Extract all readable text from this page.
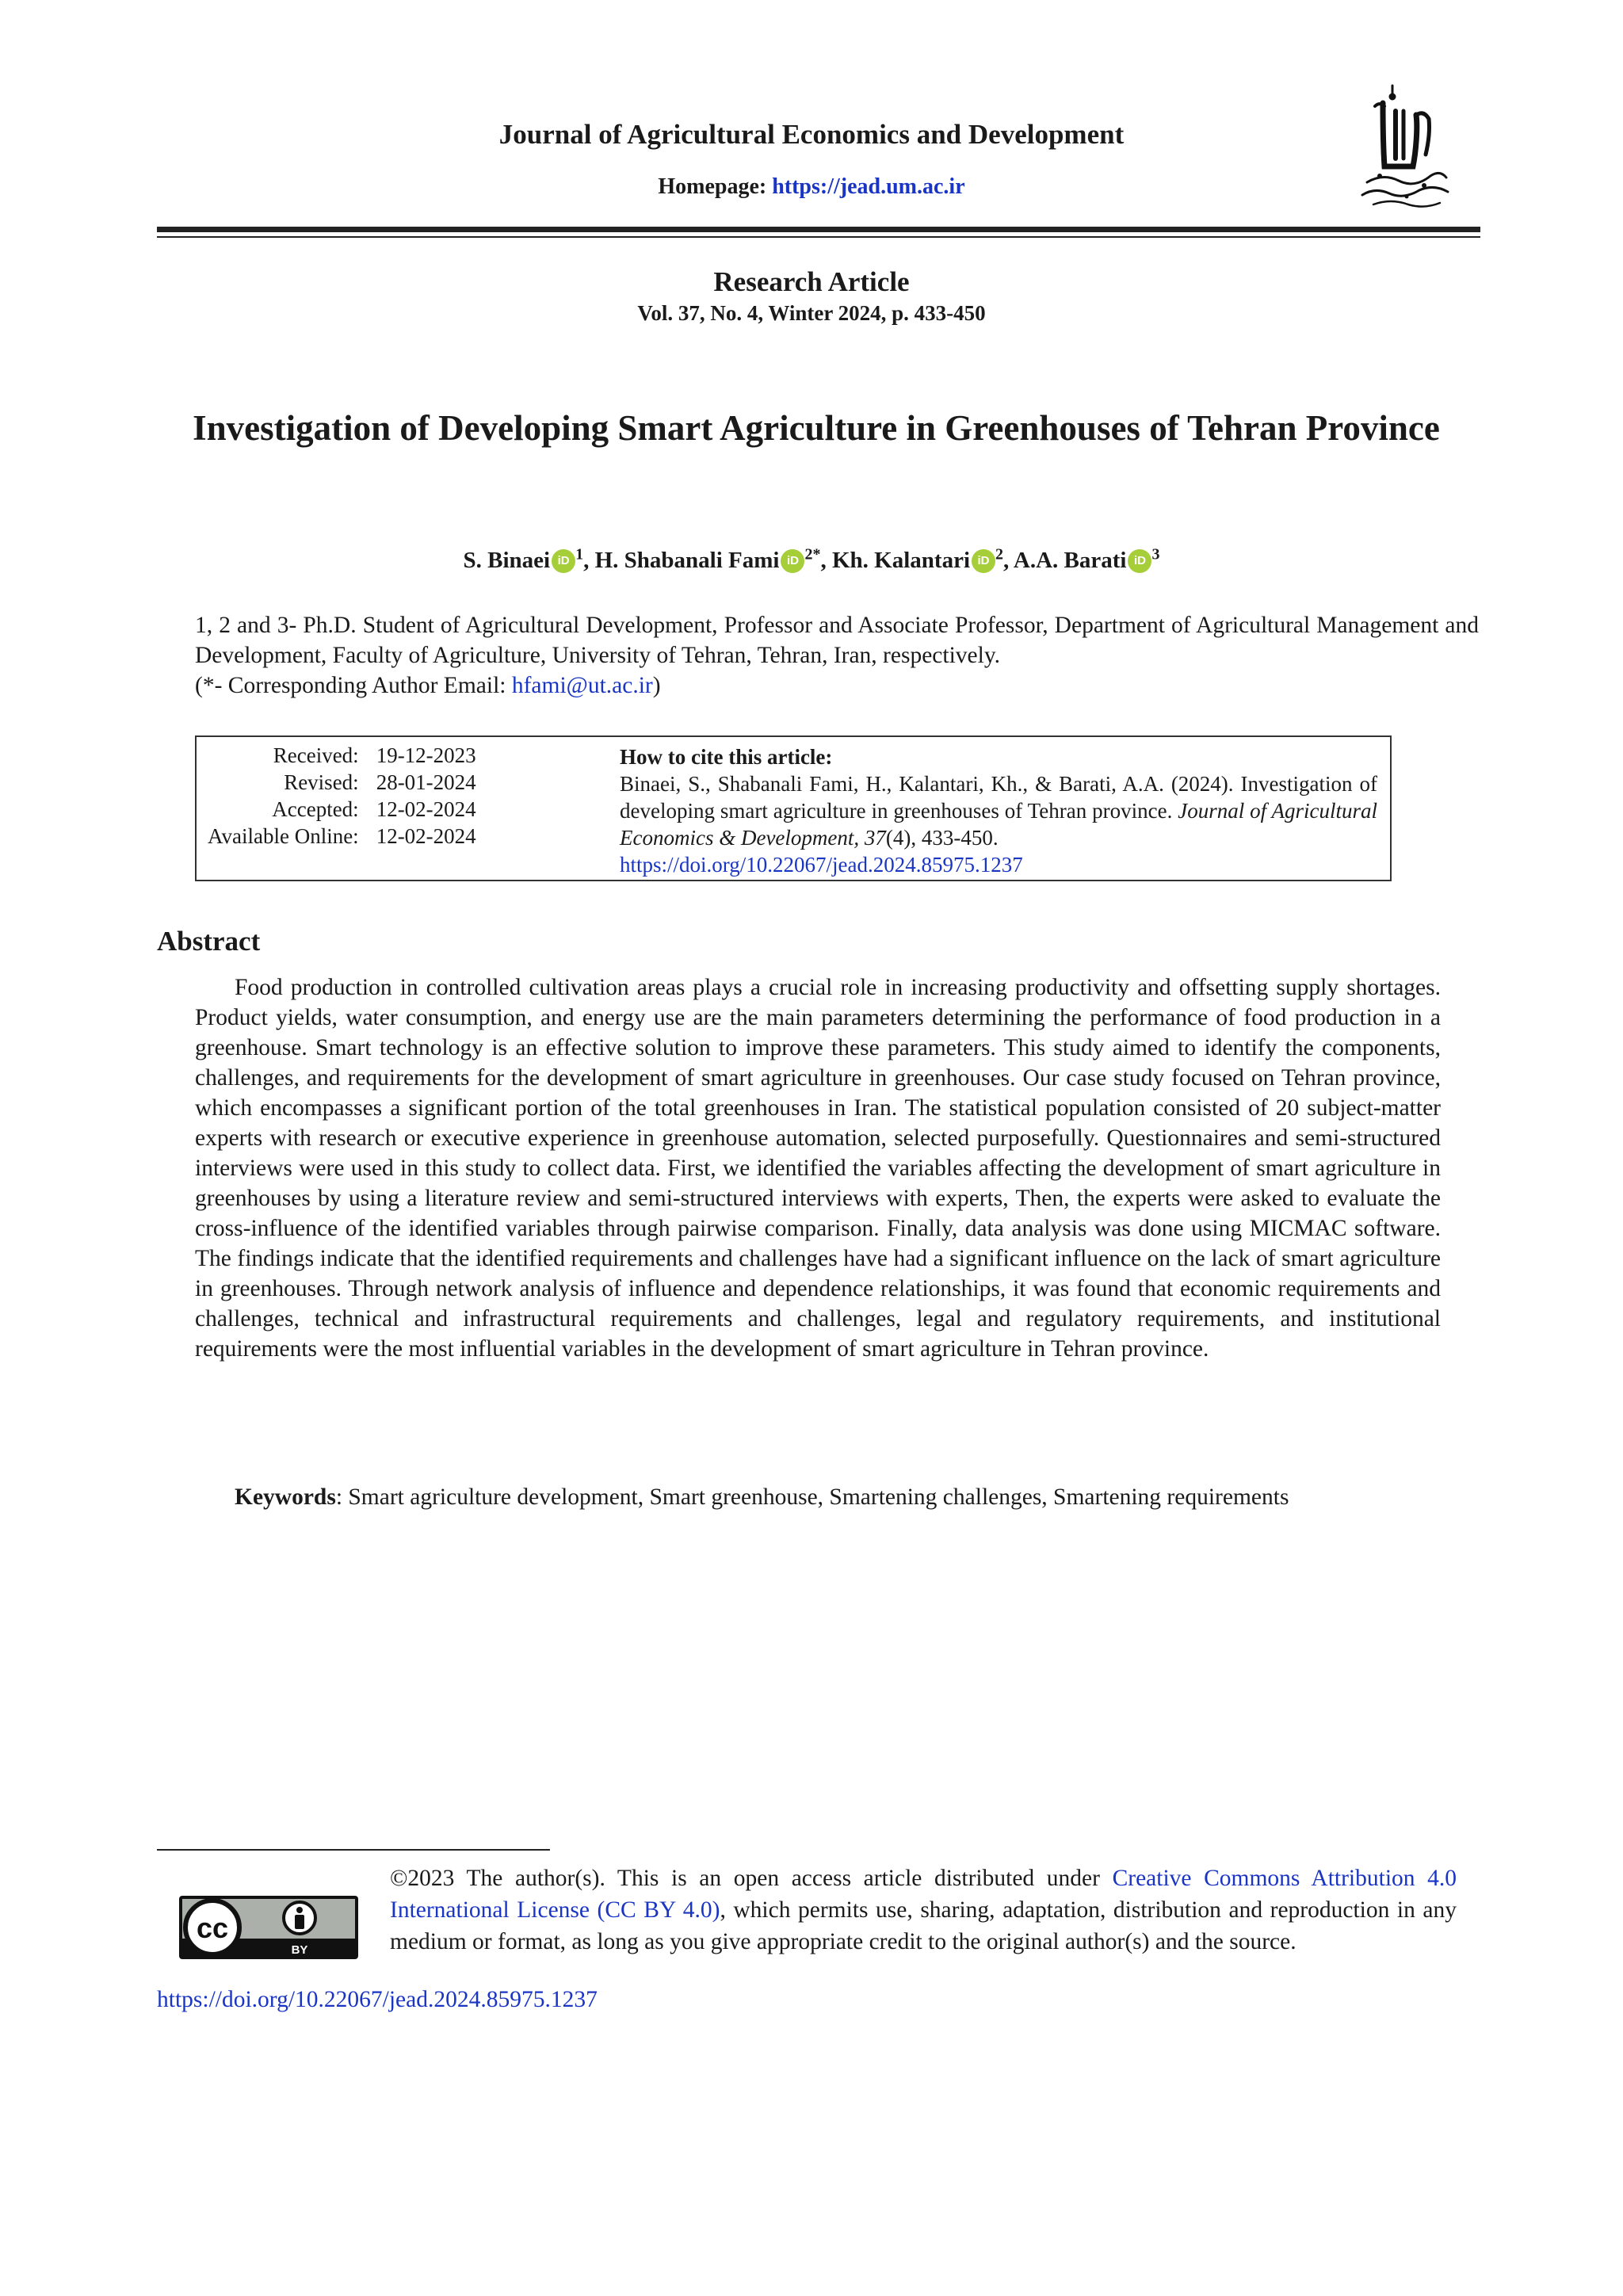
Journal of Agricultural Economics and Development
Homepage: https://jead.um.ac.ir
Research Article
Vol. 37, No. 4, Winter 2024, p. 433-450
Investigation of Developing Smart Agriculture in Greenhouses of Tehran Province
S. Binaei iD $^1$, H. Shabanali Fami iD $^{2*}$, Kh. Kalantari iD $^2$, A.A. Barati iD $^3$
1, 2 and 3- Ph.D. Student of Agricultural Development, Professor and Associate Professor, Department of Agricultural Management and Development, Faculty of Agriculture, University of Tehran, Tehran, Iran, respectively.
(*- Corresponding Author Email: hfami@ut.ac.ir)
Received:	19-12-2023
Revised:	28-01-2024
Accepted:	12-02-2024
Available Online:	12-02-2024
How to cite this article:
Binaei, S., Shabanali Fami, H., Kalantari, Kh., & Barati, A.A. (2024). Investigation of developing smart agriculture in greenhouses of Tehran province. Journal of Agricultural Economics & Development, 37(4), 433-450.
https://doi.org/10.22067/jead.2024.85975.1237
Abstract
Food production in controlled cultivation areas plays a crucial role in increasing productivity and offsetting supply shortages. Product yields, water consumption, and energy use are the main parameters determining the performance of food production in a greenhouse. Smart technology is an effective solution to improve these parameters. This study aimed to identify the components, challenges, and requirements for the development of smart agriculture in greenhouses. Our case study focused on Tehran province, which encompasses a significant portion of the total greenhouses in Iran. The statistical population consisted of 20 subject-matter experts with research or executive experience in greenhouse automation, selected purposefully. Questionnaires and semi-structured interviews were used in this study to collect data. First, we identified the variables affecting the development of smart agriculture in greenhouses by using a literature review and semi-structured interviews with experts, Then, the experts were asked to evaluate the cross-influence of the identified variables through pairwise comparison. Finally, data analysis was done using MICMAC software. The findings indicate that the identified requirements and challenges have had a significant influence on the lack of smart agriculture in greenhouses. Through network analysis of influence and dependence relationships, it was found that economic requirements and challenges, technical and infrastructural requirements and challenges, legal and regulatory requirements, and institutional requirements were the most influential variables in the development of smart agriculture in Tehran province.
Keywords: Smart agriculture development, Smart greenhouse, Smartening challenges, Smartening requirements
cc
BY
©2023 The author(s). This is an open access article distributed under Creative Commons Attribution 4.0 International License (CC BY 4.0), which permits use, sharing, adaptation, distribution and reproduction in any medium or format, as long as you give appropriate credit to the original author(s) and the source.
https://doi.org/10.22067/jead.2024.85975.1237
